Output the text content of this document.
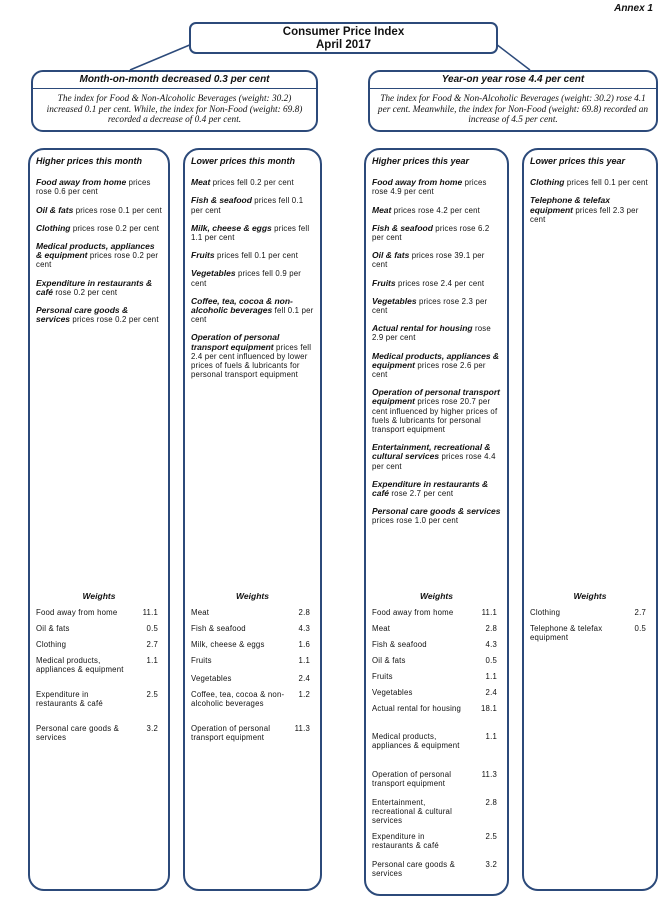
Annex 1
Consumer Price Index
April 2017
Month-on-month decreased 0.3 per cent
The index for Food & Non-Alcoholic Beverages (weight: 30.2) increased 0.1 per cent. While, the index for Non-Food (weight: 69.8) recorded a decrease of 0.4 per cent.
Year-on year rose 4.4 per cent
The index for Food & Non-Alcoholic Beverages (weight: 30.2) rose 4.1 per cent. Meanwhile, the index for Non-Food (weight: 69.8) recorded an increase of 4.5 per cent.
Higher prices this month
Food away from home prices rose 0.6 per cent
Oil & fats prices rose 0.1 per cent
Clothing prices rose 0.2 per cent
Medical products, appliances & equipment prices rose 0.2 per cent
Expenditure in restaurants & café rose 0.2 per cent
Personal care goods & services prices rose 0.2 per cent
Weights
Food away from home	11.1
Oil & fats	0.5
Clothing	2.7
Medical products, appliances & equipment
1.1
Expenditure in restaurants & café
2.5
Personal care goods & services
3.2
Lower prices this month
Meat prices fell 0.2 per cent
Fish & seafood prices fell 0.1 per cent
Milk, cheese & eggs prices fell 1.1 per cent
Fruits prices fell 0.1 per cent
Vegetables prices fell 0.9 per cent
Coffee, tea, cocoa & non-alcoholic beverages fell 0.1 per cent
Operation of personal transport equipment prices fell 2.4 per cent influenced by lower prices of fuels & lubricants for personal transport equipment
Weights
Meat	2.8
Fish & seafood	4.3
Milk, cheese & eggs	1.6
Fruits	1.1
Vegetables	2.4
Coffee, tea, cocoa & non-alcoholic beverages
1.2
Operation of personal transport equipment
11.3
Higher prices this year
Food away from home prices rose 4.9 per cent
Meat prices rose 4.2 per cent
Fish & seafood prices rose 6.2 per cent
Oil & fats prices rose 39.1 per cent
Fruits prices rose 2.4 per cent
Vegetables prices rose 2.3 per cent
Actual rental for housing rose 2.9 per cent
Medical products, appliances & equipment prices rose 2.6 per cent
Operation of personal transport equipment prices rose 20.7 per cent influenced by higher prices of fuels & lubricants for personal transport equipment
Entertainment, recreational & cultural services prices rose 4.4 per cent
Expenditure in restaurants & café rose 2.7 per cent
Personal care goods & services prices rose 1.0 per cent
Weights
Food away from home	11.1
Meat	2.8
Fish & seafood	4.3
Oil & fats	0.5
Fruits	1.1
Vegetables	2.4
Actual rental for housing	18.1
Medical products, appliances & equipment
1.1
Operation of personal transport equipment
11.3
Entertainment, recreational & cultural services
2.8
Expenditure in restaurants & café
2.5
Personal care goods & services
3.2
Lower prices this year
Clothing prices fell 0.1 per cent
Telephone & telefax equipment prices fell 2.3 per cent
Weights
Clothing	2.7
Telephone & telefax equipment
0.5
